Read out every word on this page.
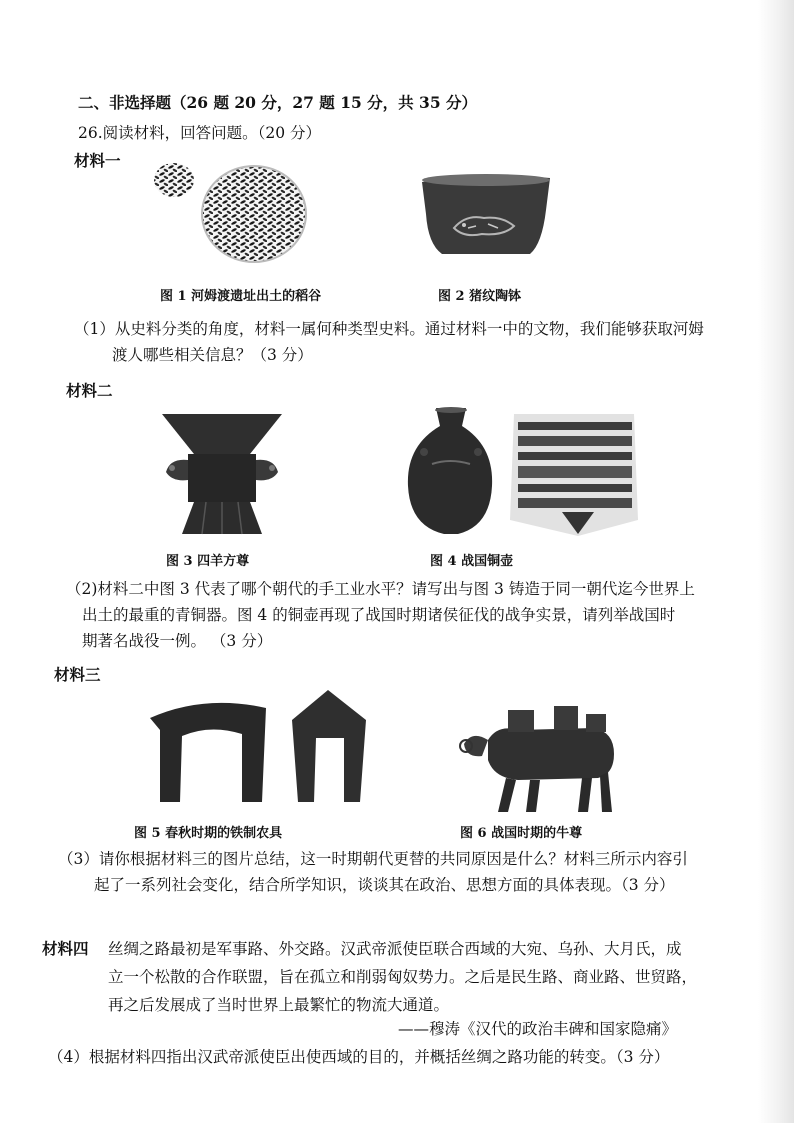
二、非选择题（26 题 20 分，27 题 15 分，共 35 分）
26.阅读材料，回答问题。（20 分）
材料一
图 1 河姆渡遗址出土的稻谷	图 2 猪纹陶钵
（1）从史料分类的角度，材料一属何种类型史料。通过材料一中的文物，我们能够获取河姆
渡人哪些相关信息？（3 分）
材料二
图 3 四羊方尊	图 4 战国铜壶
（2)材料二中图 3 代表了哪个朝代的手工业水平？请写出与图 3 铸造于同一朝代迄今世界上
出土的最重的青铜器。图 4 的铜壶再现了战国时期诸侯征伐的战争实景，请列举战国时
期著名战役一例。 （3 分）
材料三
图 5 春秋时期的铁制农具	图 6 战国时期的牛尊
（3）请你根据材料三的图片总结，这一时期朝代更替的共同原因是什么？材料三所示内容引
起了一系列社会变化，结合所学知识，谈谈其在政治、思想方面的具体表现。（3 分）
材料四 丝绸之路最初是军事路、外交路。汉武帝派使臣联合西域的大宛、乌孙、大月氏，成
立一个松散的合作联盟，旨在孤立和削弱匈奴势力。之后是民生路、商业路、世贸路，
再之后发展成了当时世界上最繁忙的物流大通道。
——穆涛《汉代的政治丰碑和国家隐痛》
（4）根据材料四指出汉武帝派使臣出使西域的目的，并概括丝绸之路功能的转变。（3 分）
